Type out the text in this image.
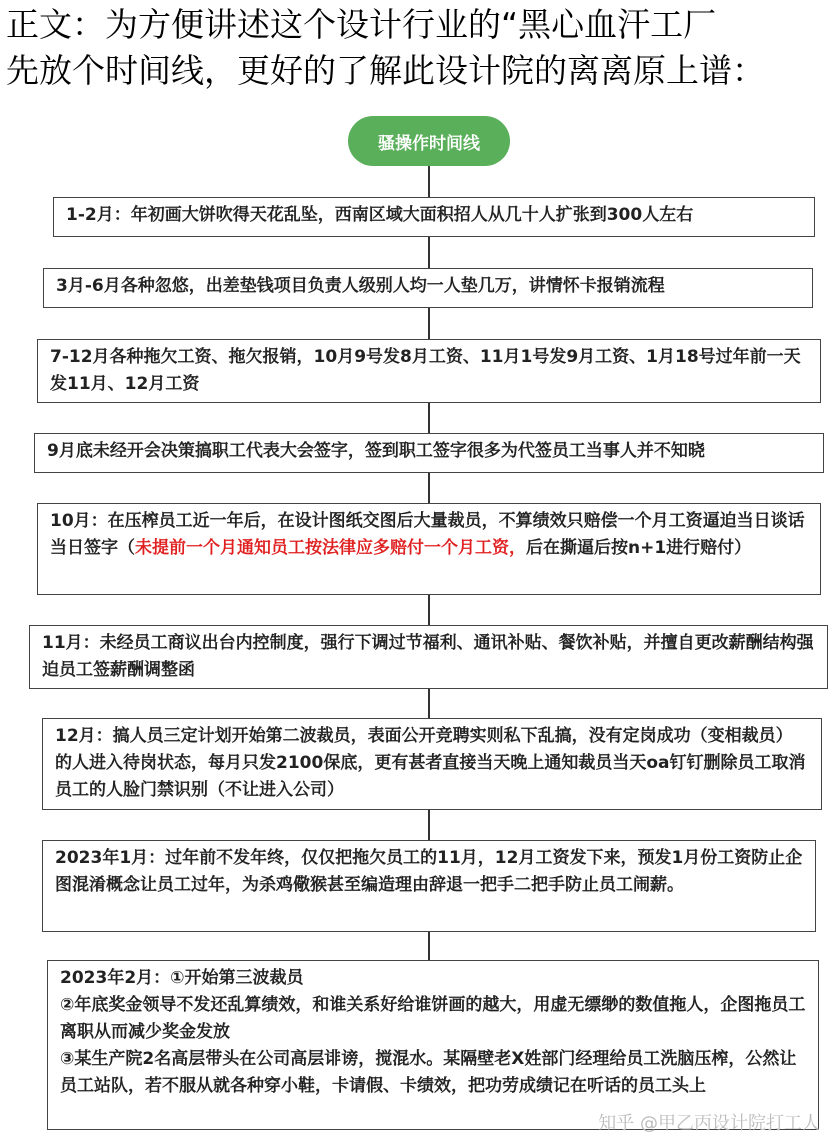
正文：为方便讲述这个设计行业的“黑心血汗工厂
先放个时间线，更好的了解此设计院的离离原上谱：
骚操作时间线
1-2月：年初画大饼吹得天花乱坠，西南区域大面积招人从几十人扩张到300人左右
3月-6月各种忽悠，出差垫钱项目负责人级别人均一人垫几万，讲情怀卡报销流程
7-12月各种拖欠工资、拖欠报销，10月9号发8月工资、11月1号发9月工资、1月18号过年前一天发11月、12月工资
9月底未经开会决策搞职工代表大会签字，签到职工签字很多为代签员工当事人并不知晓
10月：在压榨员工近一年后，在设计图纸交图后大量裁员，不算绩效只赔偿一个月工资逼迫当日谈话当日签字（未提前一个月通知员工按法律应多赔付一个月工资，后在撕逼后按n+1进行赔付）
11月：未经员工商议出台内控制度，强行下调过节福利、通讯补贴、餐饮补贴，并擅自更改薪酬结构强迫员工签薪酬调整函
12月：搞人员三定计划开始第二波裁员，表面公开竞聘实则私下乱搞，没有定岗成功（变相裁员）的人进入待岗状态，每月只发2100保底，更有甚者直接当天晚上通知裁员当天oa钉钉删除员工取消员工的人脸门禁识别（不让进入公司）
2023年1月：过年前不发年终，仅仅把拖欠员工的11月，12月工资发下来，预发1月份工资防止企图混淆概念让员工过年，为杀鸡儆猴甚至编造理由辞退一把手二把手防止员工闹薪。
2023年2月：①开始第三波裁员
②年底奖金领导不发还乱算绩效，和谁关系好给谁饼画的越大，用虚无缥缈的数值拖人，企图拖员工离职从而减少奖金发放
③某生产院2名高层带头在公司高层诽谤，搅混水。某隔壁老X姓部门经理给员工洗脑压榨，公然让员工站队，若不服从就各种穿小鞋，卡请假、卡绩效，把功劳成绩记在听话的员工头上
知乎 @甲乙丙设计院打工人
